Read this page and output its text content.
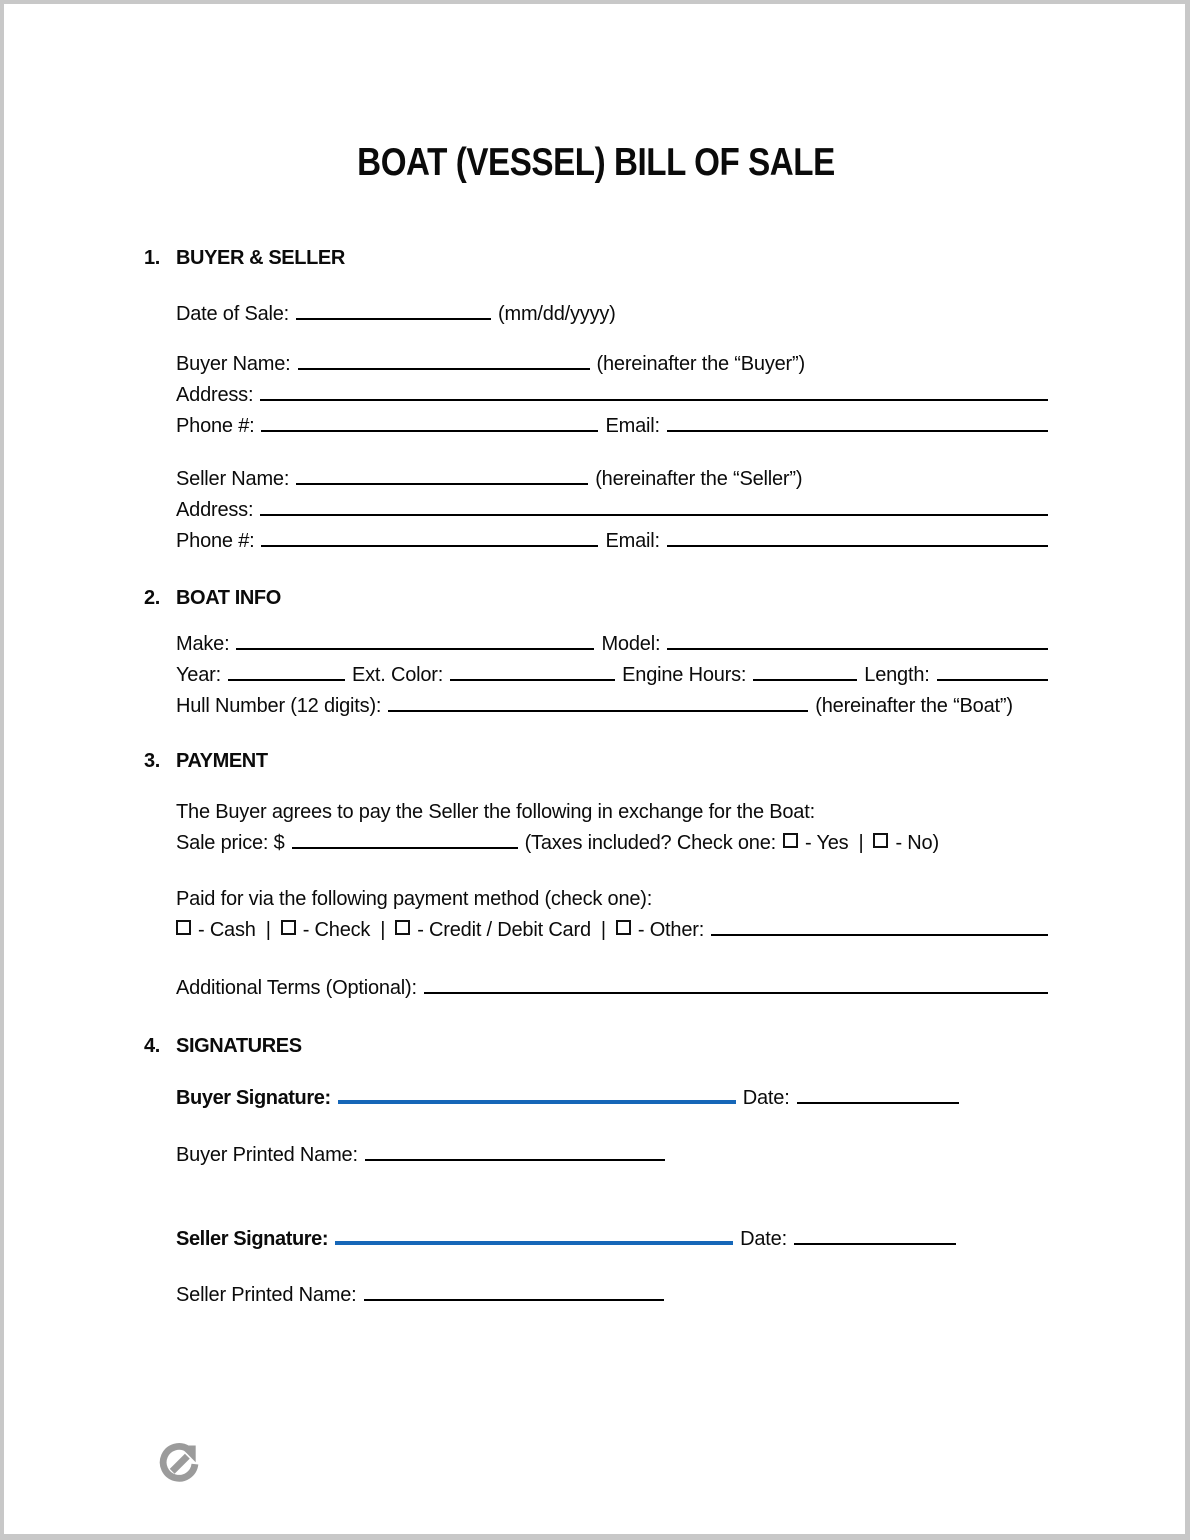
BOAT (VESSEL) BILL OF SALE
1. BUYER & SELLER
Date of Sale:	(mm/dd/yyyy)
Buyer Name:	(hereinafter the “Buyer”)
Address:
Phone #:	Email:
Seller Name:	(hereinafter the “Seller”)
Address:
Phone #:	Email:
2. BOAT INFO
Make:	Model:
Year:	Ext. Color:	Engine Hours:	Length:
Hull Number (12 digits):	(hereinafter the “Boat”)
3. PAYMENT
The Buyer agrees to pay the Seller the following in exchange for the Boat:
Sale price: $	(Taxes included? Check one: - Yes | - No)
Paid for via the following payment method (check one):
- Cash | - Check | - Credit / Debit Card | - Other:
Additional Terms (Optional):
4. SIGNATURES
Buyer Signature:	Date:
Buyer Printed Name:
Seller Signature:	Date:
Seller Printed Name:
